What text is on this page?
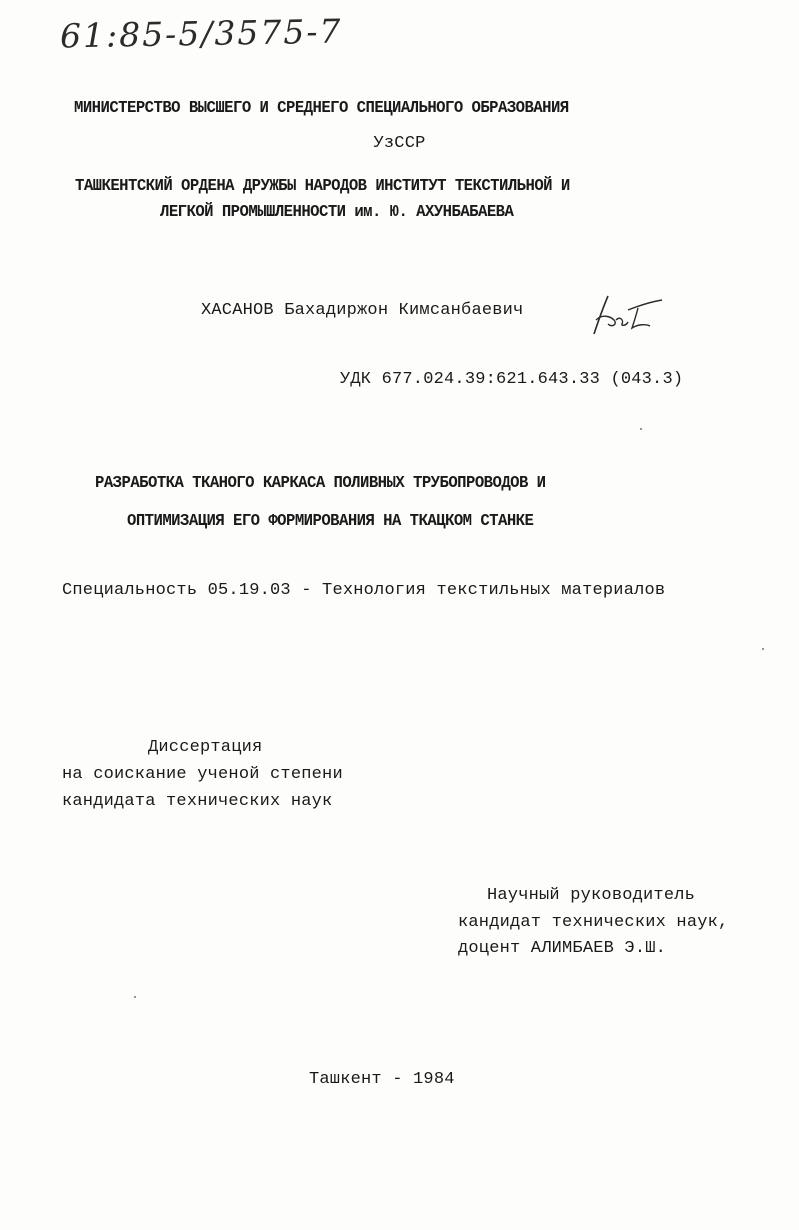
61:85-5/3575-7
МИНИСТЕРСТВО ВЫСШЕГО И СРЕДНЕГО СПЕЦИАЛЬНОГО ОБРАЗОВАНИЯ
УзССР
ТАШКЕНТСКИЙ ОРДЕНА ДРУЖБЫ НАРОДОВ ИНСТИТУТ ТЕКСТИЛЬНОЙ И
ЛЕГКОЙ ПРОМЫШЛЕННОСТИ им. Ю. АХУНБАБАЕВА
ХАСАНОВ Бахадиржон Кимсанбаевич
УДК 677.024.39:621.643.33 (043.3)
РАЗРАБОТКА ТКАНОГО КАРКАСА ПОЛИВНЫХ ТРУБОПРОВОДОВ И
ОПТИМИЗАЦИЯ ЕГО ФОРМИРОВАНИЯ НА ТКАЦКОМ СТАНКЕ
Специальность 05.19.03 - Технология текстильных материалов
Диссертация
на соискание ученой степени
кандидата технических наук
Научный руководитель
кандидат технических наук,
доцент АЛИМБАЕВ Э.Ш.
Ташкент - 1984
